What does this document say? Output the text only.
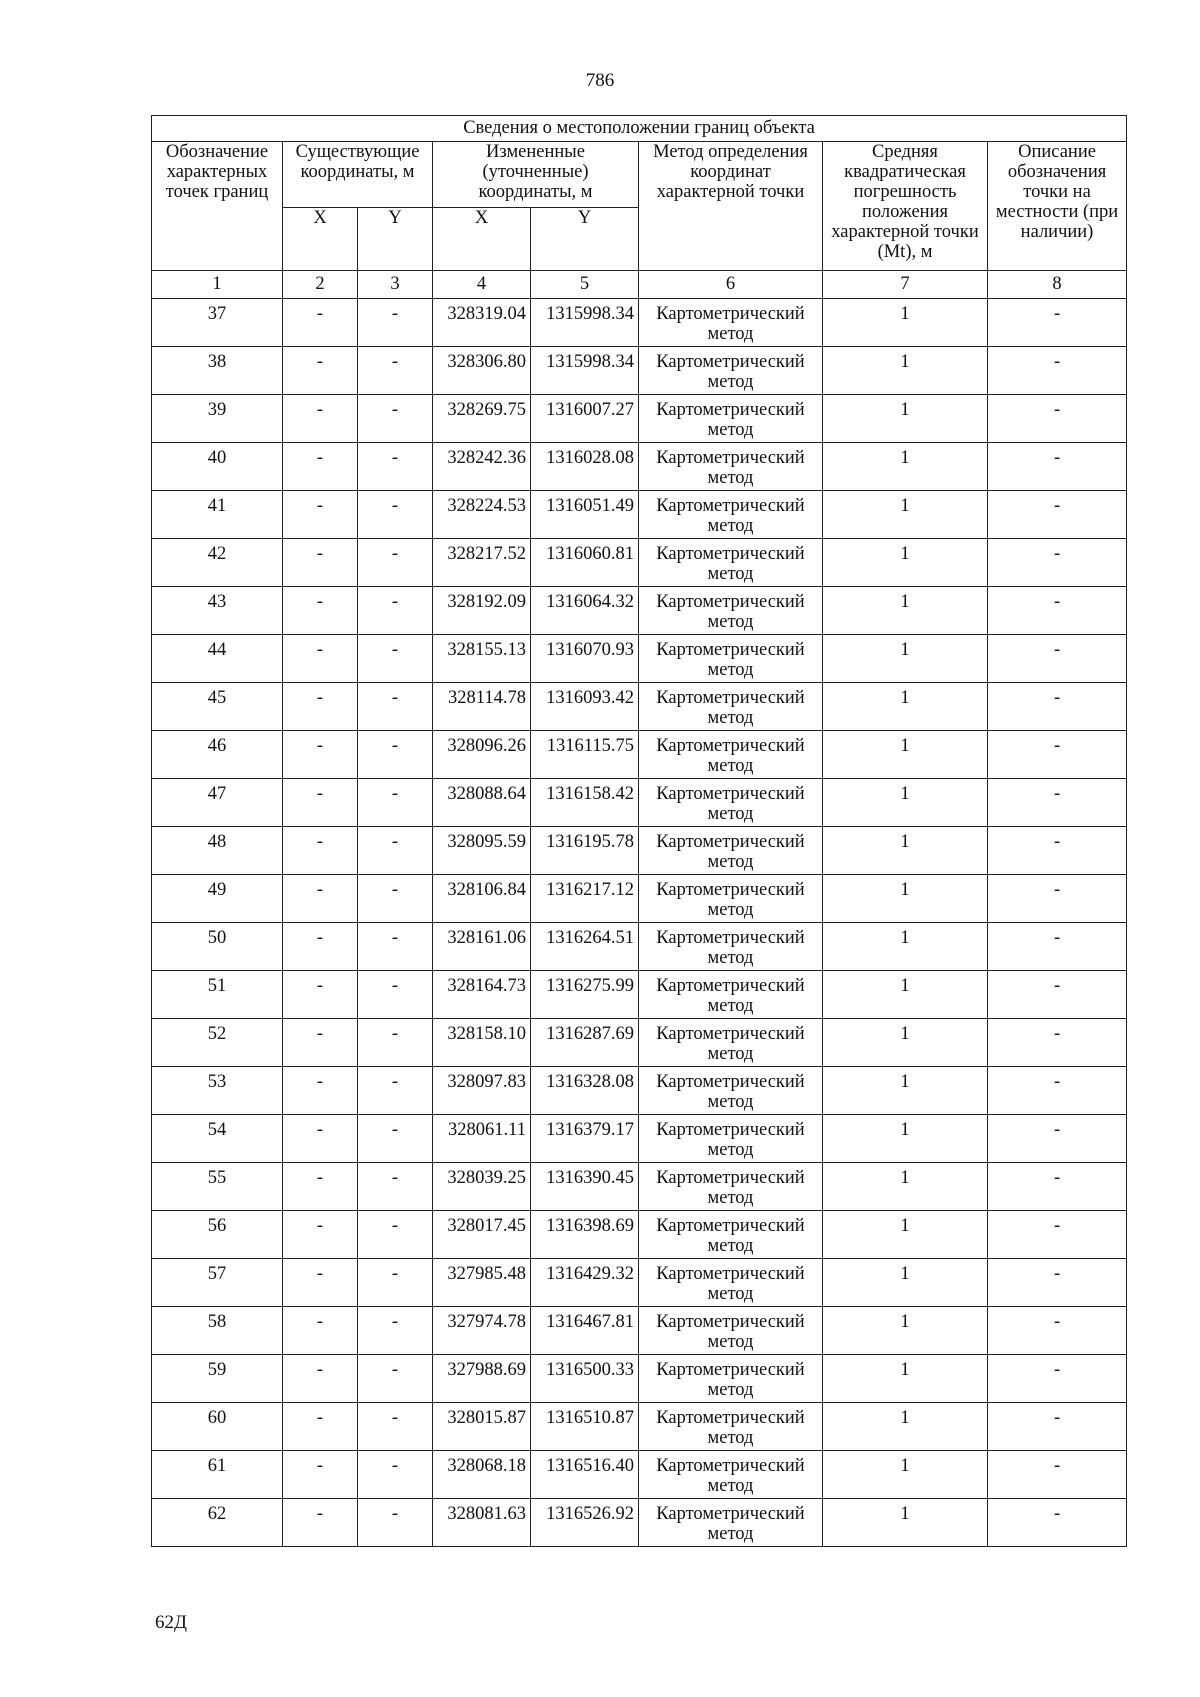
786
Сведения о местоположении границ объекта							
Обозначение характерных точек границ	Существующие координаты, м		Измененные (уточненные) координаты, м		Метод определения координат характерной точки	Средняя квадратическая погрешность положения характерной точки (Mt), м	Описание обозначения точки на местности (при наличии)
	X	Y	X	Y			
1	2	3	4	5	6	7	8
37	-	-	328319.04	1315998.34	Картометрический метод	1	-
38	-	-	328306.80	1315998.34	Картометрический метод	1	-
39	-	-	328269.75	1316007.27	Картометрический метод	1	-
40	-	-	328242.36	1316028.08	Картометрический метод	1	-
41	-	-	328224.53	1316051.49	Картометрический метод	1	-
42	-	-	328217.52	1316060.81	Картометрический метод	1	-
43	-	-	328192.09	1316064.32	Картометрический метод	1	-
44	-	-	328155.13	1316070.93	Картометрический метод	1	-
45	-	-	328114.78	1316093.42	Картометрический метод	1	-
46	-	-	328096.26	1316115.75	Картометрический метод	1	-
47	-	-	328088.64	1316158.42	Картометрический метод	1	-
48	-	-	328095.59	1316195.78	Картометрический метод	1	-
49	-	-	328106.84	1316217.12	Картометрический метод	1	-
50	-	-	328161.06	1316264.51	Картометрический метод	1	-
51	-	-	328164.73	1316275.99	Картометрический метод	1	-
52	-	-	328158.10	1316287.69	Картометрический метод	1	-
53	-	-	328097.83	1316328.08	Картометрический метод	1	-
54	-	-	328061.11	1316379.17	Картометрический метод	1	-
55	-	-	328039.25	1316390.45	Картометрический метод	1	-
56	-	-	328017.45	1316398.69	Картометрический метод	1	-
57	-	-	327985.48	1316429.32	Картометрический метод	1	-
58	-	-	327974.78	1316467.81	Картометрический метод	1	-
59	-	-	327988.69	1316500.33	Картометрический метод	1	-
60	-	-	328015.87	1316510.87	Картометрический метод	1	-
61	-	-	328068.18	1316516.40	Картометрический метод	1	-
62	-	-	328081.63	1316526.92	Картометрический метод	1	-
62Д
